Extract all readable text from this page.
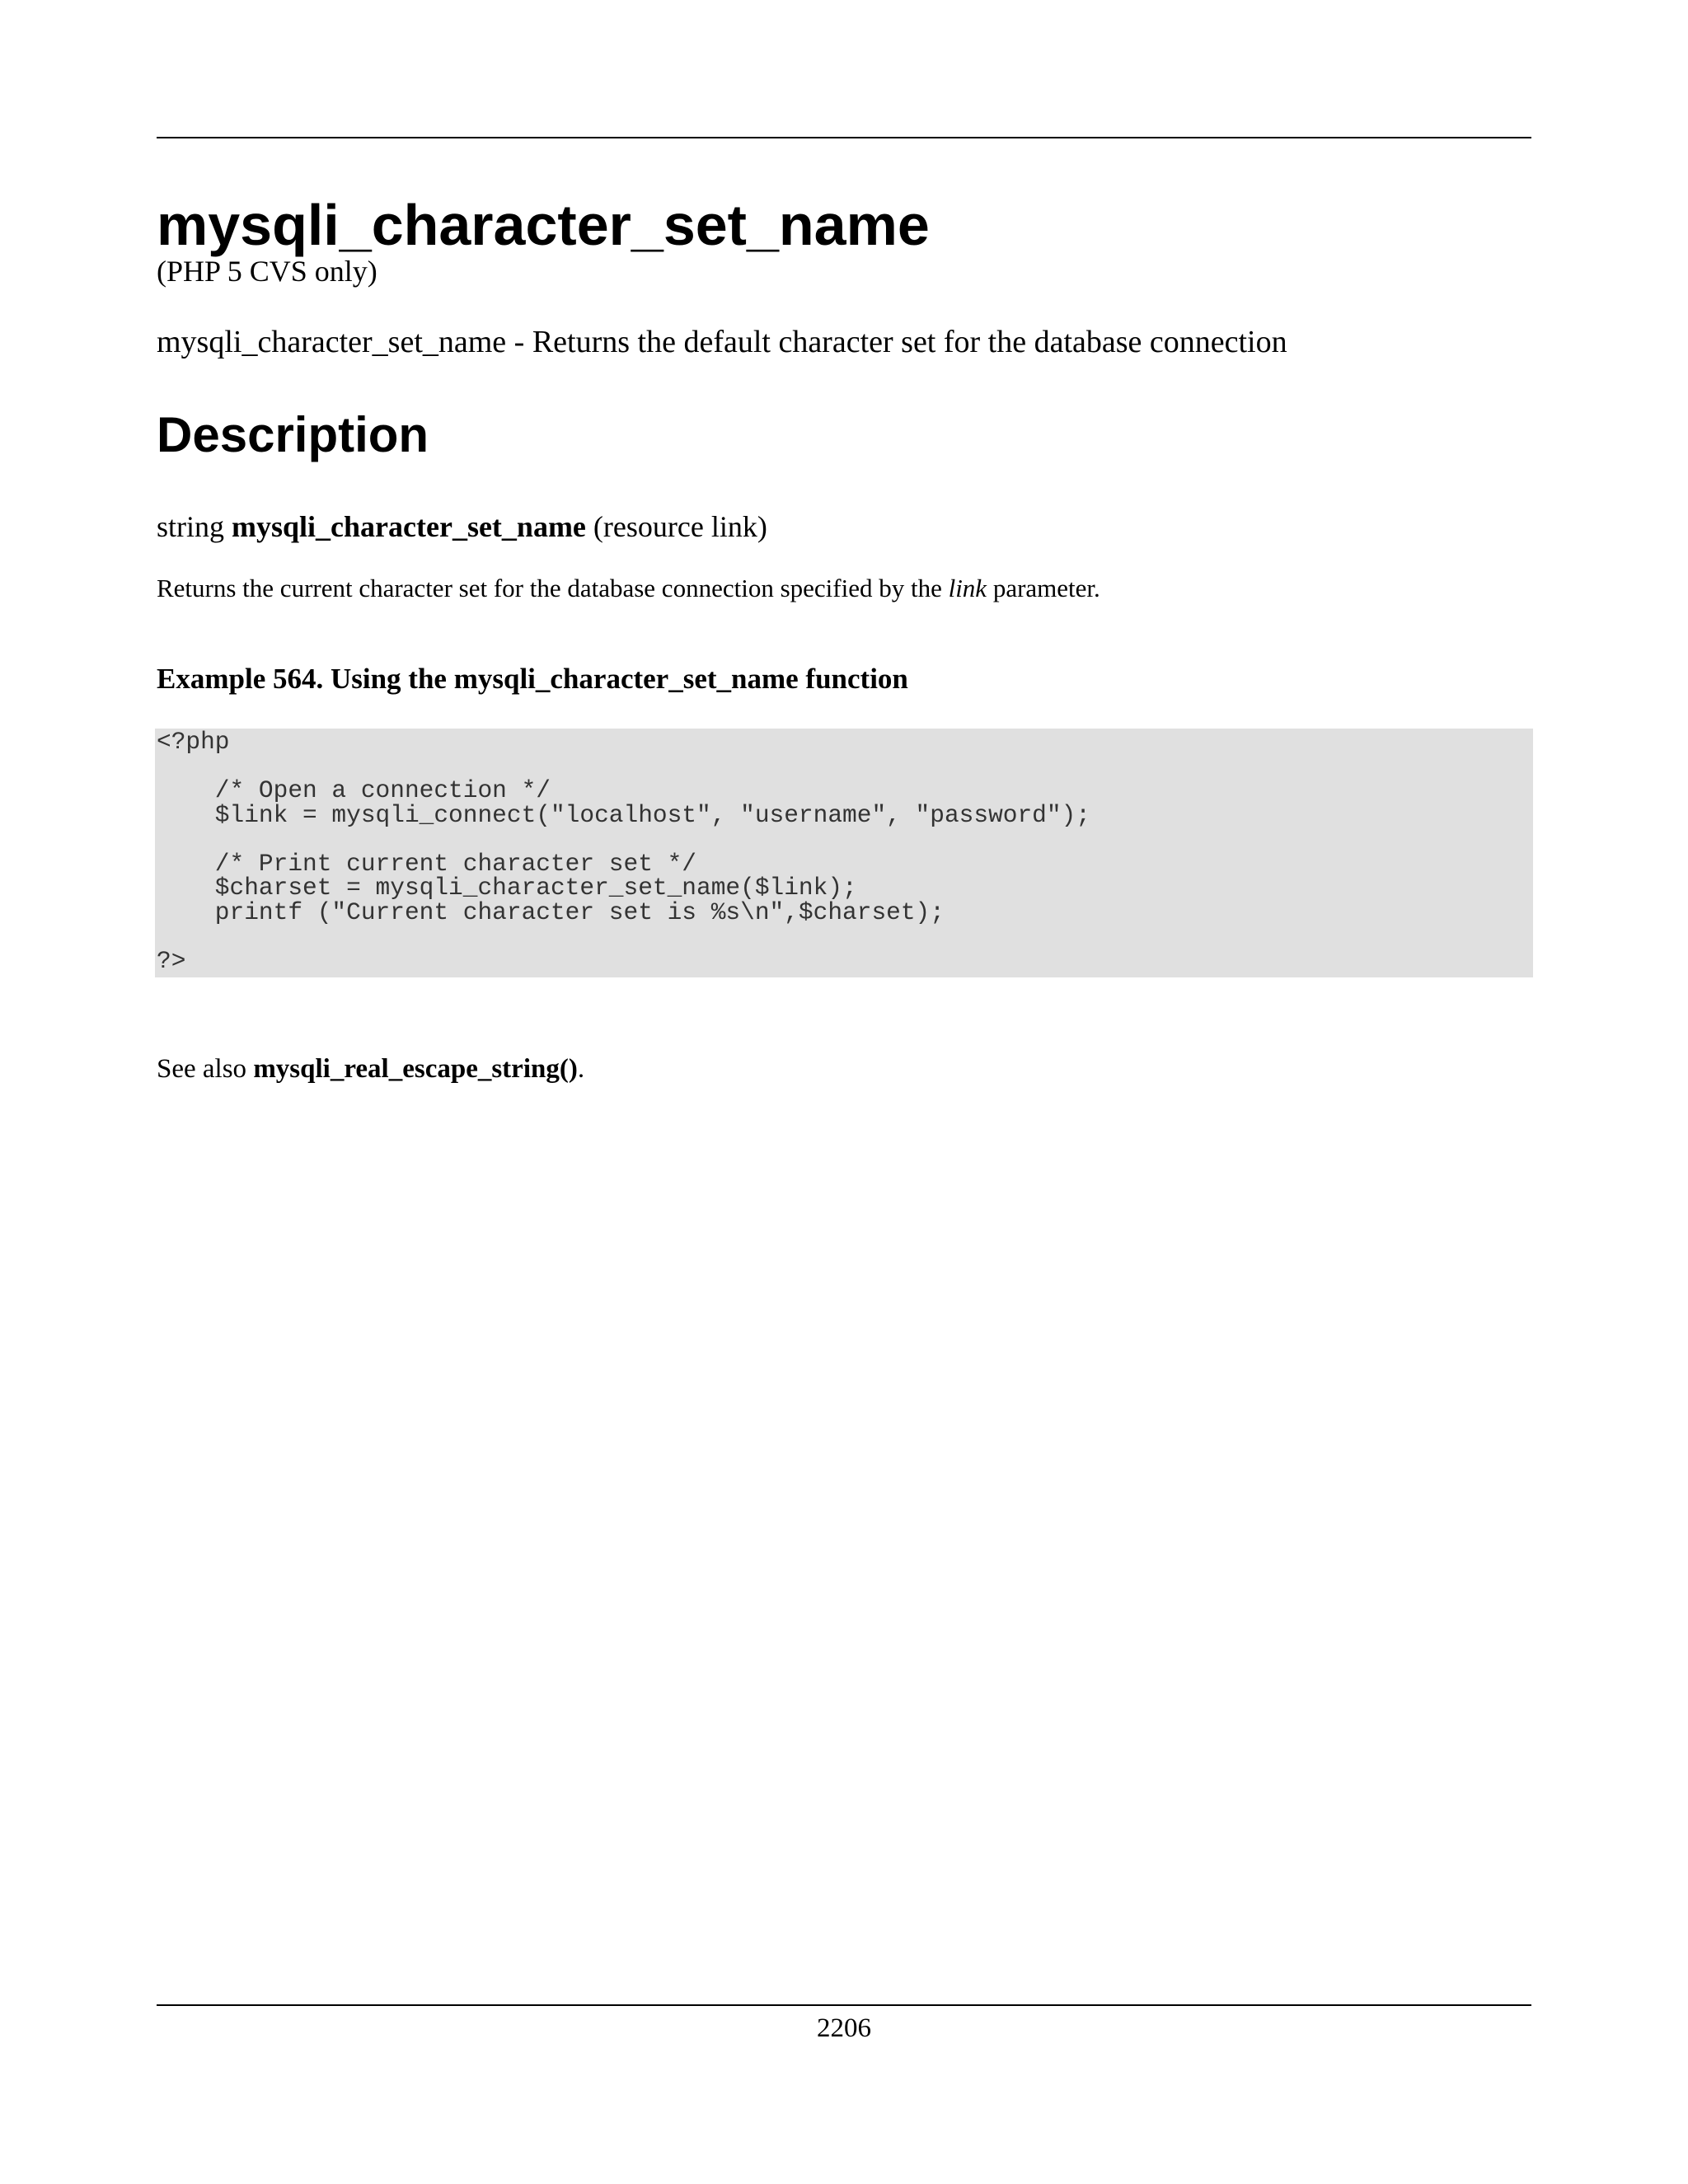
mysqli_character_set_name
(PHP 5 CVS only)
mysqli_character_set_name - Returns the default character set for the database connection
Description
string mysqli_character_set_name (resource link)
Returns the current character set for the database connection specified by the link parameter.
Example 564. Using the mysqli_character_set_name function
<?php

/* Open a connection */
$link = mysqli_connect("localhost", "username", "password");

/* Print current character set */
$charset = mysqli_character_set_name($link);
printf ("Current character set is %s\n",$charset);

?>
See also mysqli_real_escape_string().
2206
